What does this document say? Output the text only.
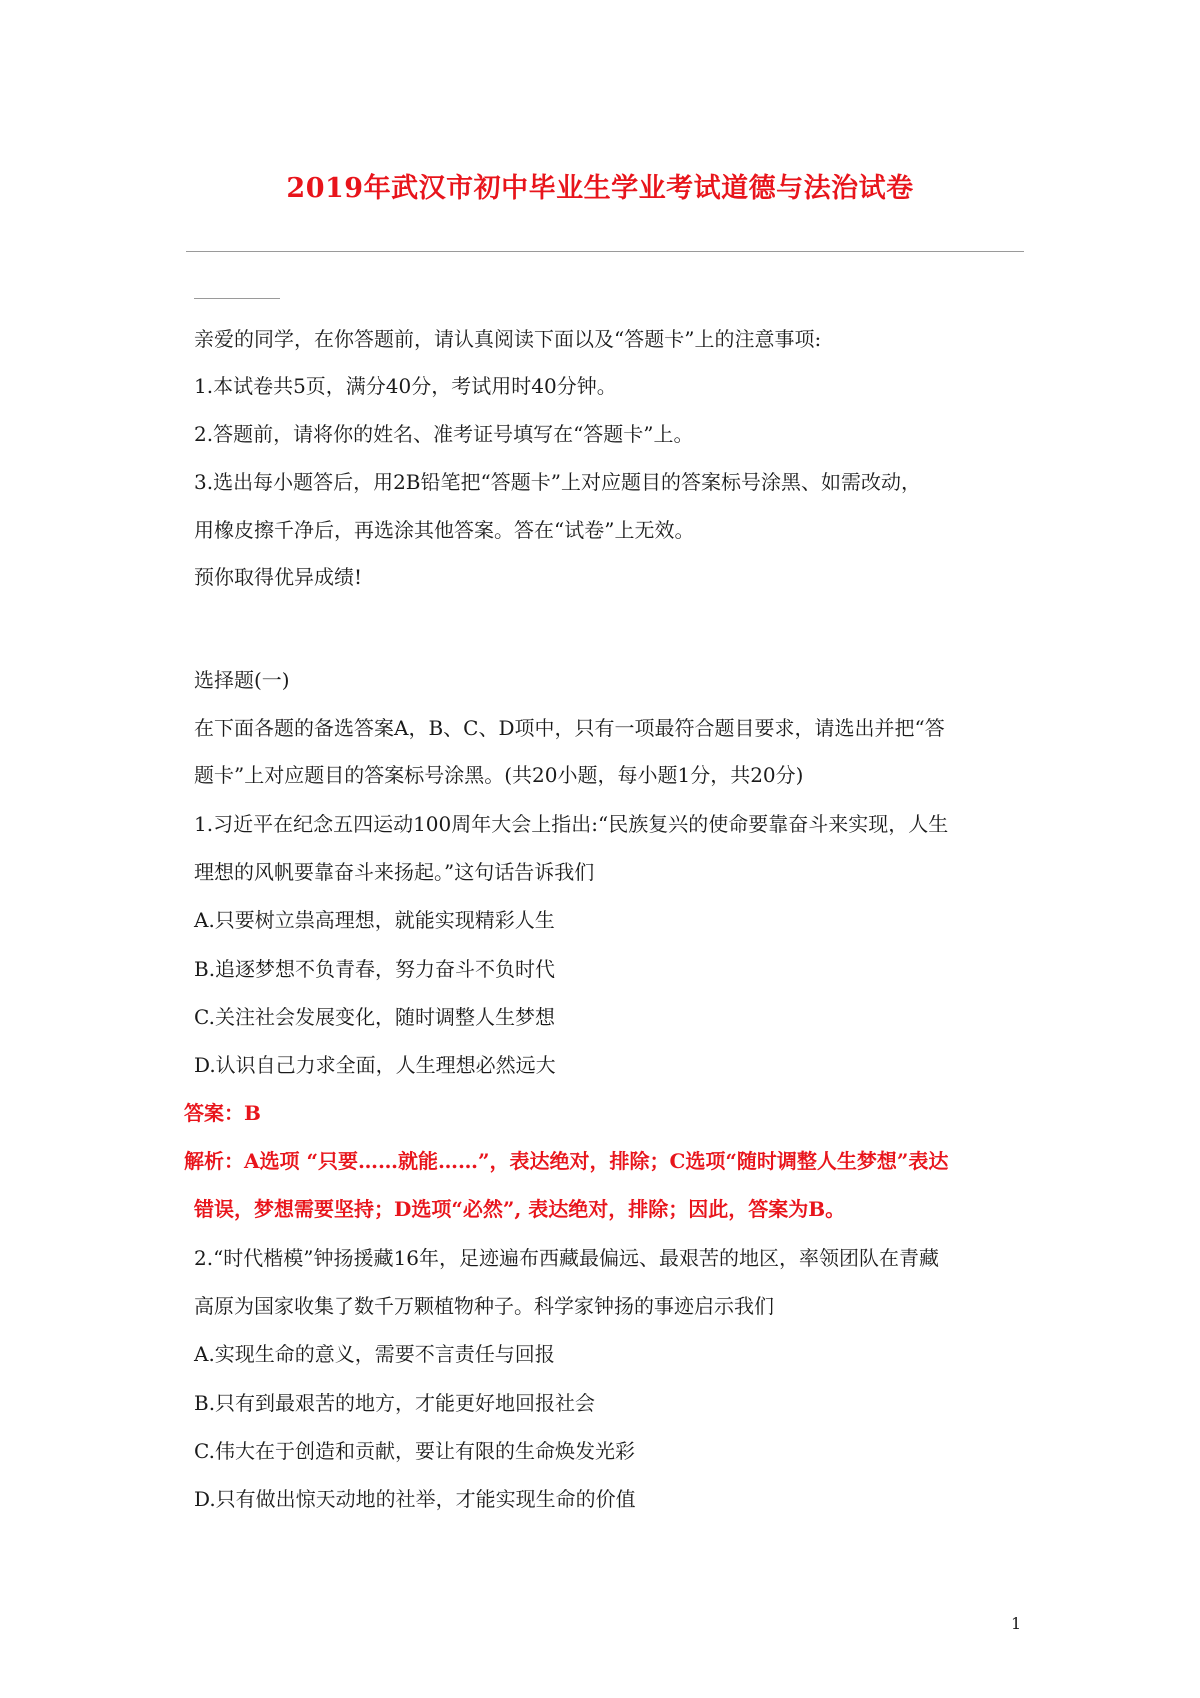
2019年武汉市初中毕业生学业考试道德与法治试卷
亲爱的同学，在你答题前，请认真阅读下面以及“答题卡”上的注意事项:
1.本试卷共5页，满分40分，考试用时40分钟。
2.答题前，请将你的姓名、准考证号填写在“答题卡”上。
3.选出每小题答后，用2B铅笔把“答题卡”上对应题目的答案标号涂黑、如需改动，
用橡皮擦千净后，再选涂其他答案。答在“试卷”上无效。
预你取得优异成绩!
选择题(一)
在下面各题的备选答案A，B、C、D项中，只有一项最符合题目要求，请选出并把“答
题卡”上对应题目的答案标号涂黑。(共20小题，每小题1分，共20分)
1.习近平在纪念五四运动100周年大会上指出:“民族复兴的使命要靠奋斗来实现，人生
理想的风帆要靠奋斗来扬起。”这句话告诉我们
A.只要树立祟高理想，就能实现精彩人生
B.追逐梦想不负青春，努力奋斗不负时代
C.关注社会发展变化，随时调整人生梦想
D.认识自己力求全面，人生理想必然远大
答案：B
解析：A选项 “只要……就能……”，表达绝对，排除；C选项“随时调整人生梦想”表达
错误，梦想需要坚持；D选项“必然”, 表达绝对，排除；因此，答案为B。
2.“时代楷模”钟扬援藏16年，足迹遍布西藏最偏远、最艰苦的地区，率领团队在青藏
高原为国家收集了数千万颗植物种子。科学家钟扬的事迹启示我们
A.实现生命的意义，需要不言责任与回报
B.只有到最艰苦的地方，才能更好地回报社会
C.伟大在于创造和贡献，要让有限的生命焕发光彩
D.只有做出惊天动地的社举，才能实现生命的价值
1
